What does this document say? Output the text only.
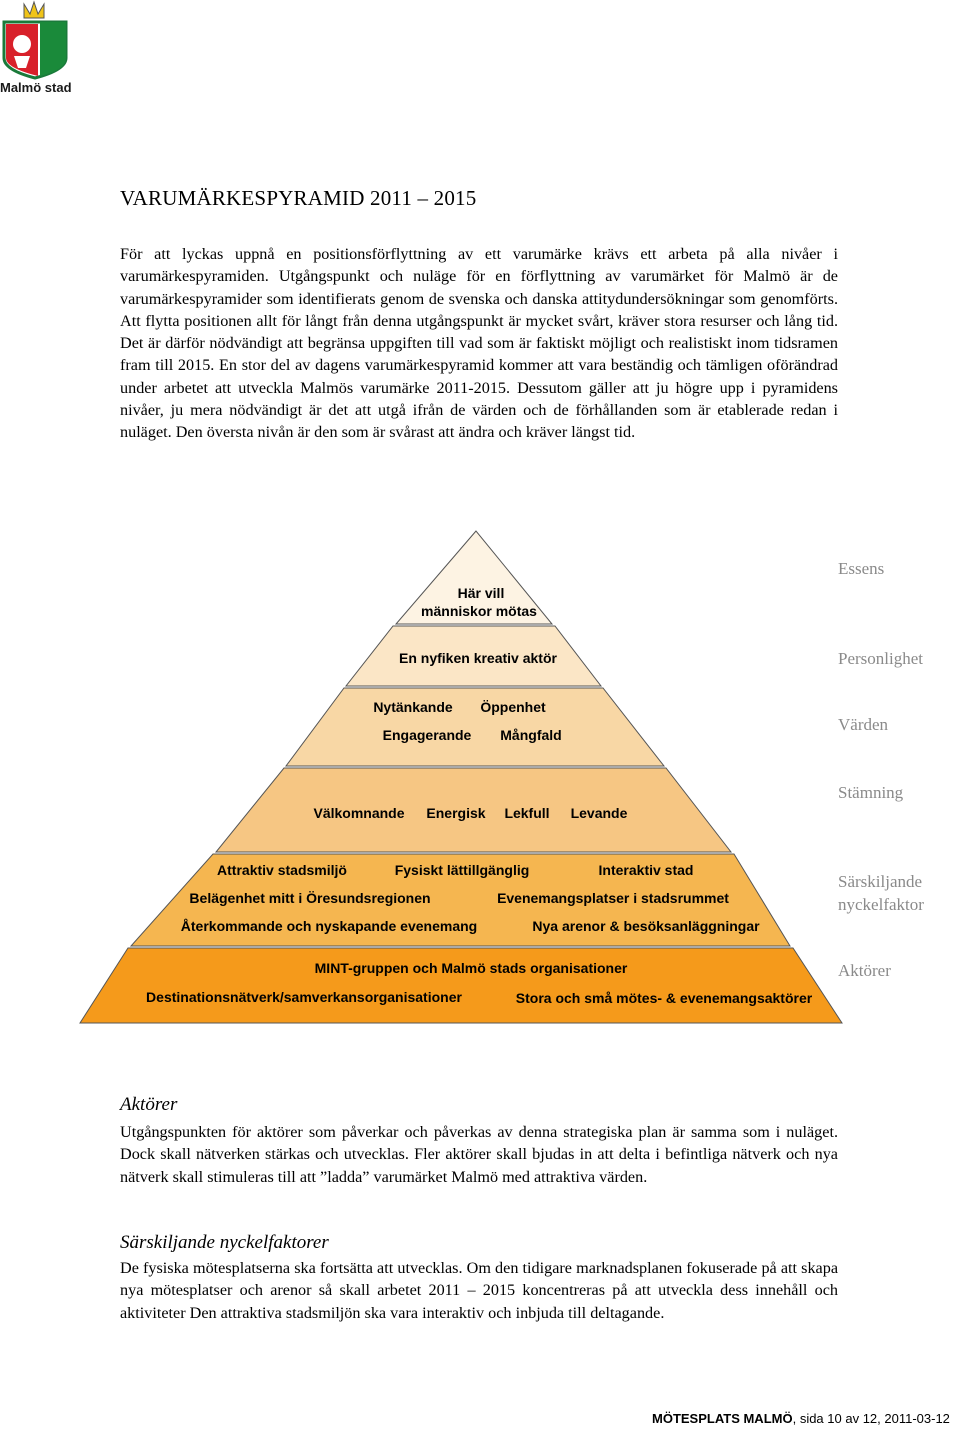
Malmö stad
VARUMÄRKESPYRAMID 2011 – 2015

För att lyckas uppnå en positionsförflyttning av ett varumärke krävs ett arbeta på alla nivåer i varumärkespyramiden. Utgångspunkt och nuläge för en förflyttning av varumärket för Malmö är de varumärkespyramider som identifierats genom de svenska och danska attitydundersökningar som genomförts. Att flytta positionen allt för långt från denna utgångspunkt är mycket svårt, kräver stora resurser och lång tid. Det är därför nödvändigt att begränsa uppgiften till vad som är faktiskt möjligt och realistiskt inom tidsramen fram till 2015. En stor del av dagens varumärkespyramid kommer att vara beständig och tämligen oförändrad under arbetet att utveckla Malmös varumärke 2011-2015. Dessutom gäller att ju högre upp i pyramidens nivåer, ju mera nödvändigt är det att utgå ifrån de värden och de förhållanden som är etablerade redan i nuläget. Den översta nivån är den som är svårast att ändra och kräver längst tid.

Här vill
människor mötas
En nyfiken kreativ aktör
Nytänkande Öppenhet
Engagerande Mångfald
Välkomnande Energisk Lekfull Levande
Attraktiv stadsmiljö	Fysiskt lättillgänglig	Interaktiv stad
Belägenhet mitt i Öresundsregionen	Evenemangsplatser i stadsrummet
Återkommande och nyskapande evenemang	Nya arenor & besöksanläggningar
MINT-gruppen och Malmö stads organisationer
Destinationsnätverk/samverkansorganisationer	Stora och små mötes- & evenemangsaktörer
Essens
Personlighet
Värden
Stämning
Särskiljande
nyckelfaktor
Aktörer
Aktörer

Utgångspunkten för aktörer som påverkar och påverkas av denna strategiska plan är samma som i nuläget. Dock skall nätverken stärkas och utvecklas. Fler aktörer skall bjudas in att delta i befintliga nätverk och nya nätverk skall stimuleras till att ”ladda” varumärket Malmö med attraktiva värden.

Särskiljande nyckelfaktorer

De fysiska mötesplatserna ska fortsätta att utvecklas. Om den tidigare marknadsplanen fokuserade på att skapa nya mötesplatser och arenor så skall arbetet 2011 – 2015 koncentreras på att utveckla dess innehåll och aktiviteter Den attraktiva stadsmiljön ska vara interaktiv och inbjuda till deltagande.

MÖTESPLATS MALMÖ, sida 10 av 12, 2011-03-12
